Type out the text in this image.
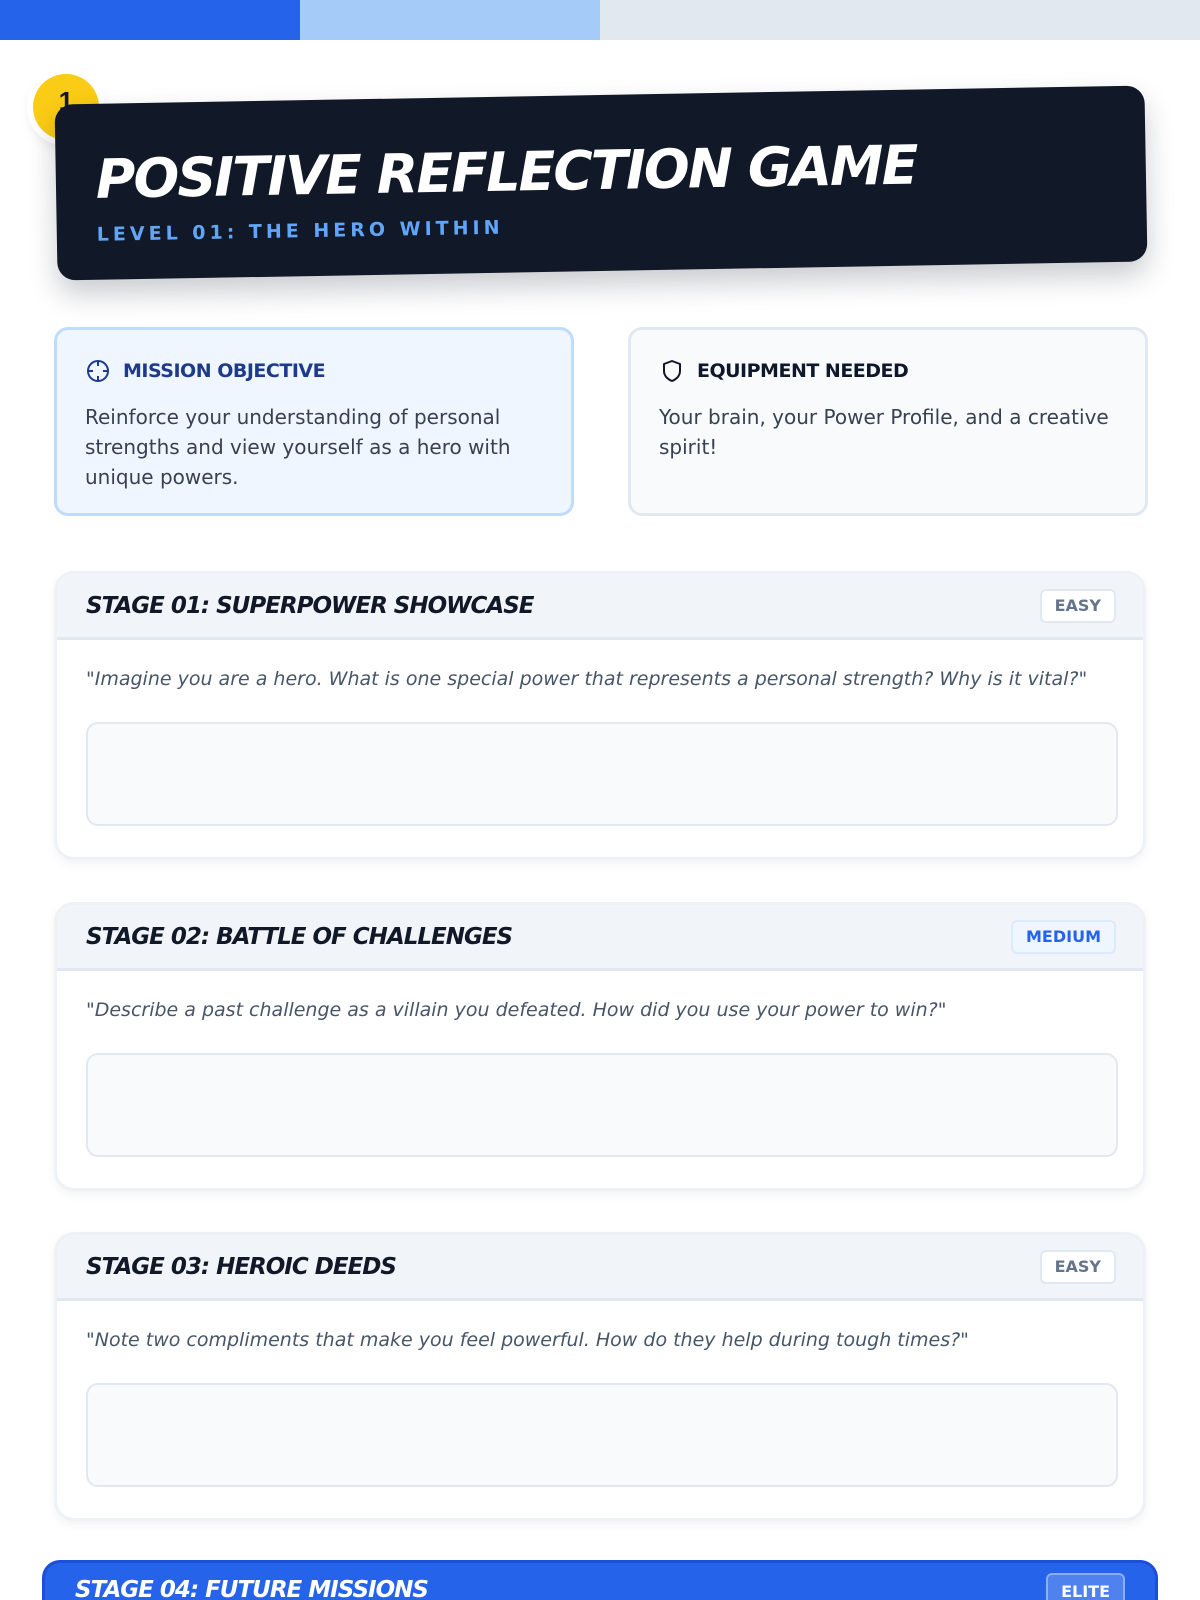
1
POSITIVE REFLECTION GAME
LEVEL 01: THE HERO WITHIN
MISSION OBJECTIVE
Reinforce your understanding of personal strengths and view yourself as a hero with unique powers.
EQUIPMENT NEEDED
Your brain, your Power Profile, and a creative spirit!
STAGE 01: SUPERPOWER SHOWCASE	EASY
"Imagine you are a hero. What is one special power that represents a personal strength? Why is it vital?"
STAGE 02: BATTLE OF CHALLENGES	MEDIUM
"Describe a past challenge as a villain you defeated. How did you use your power to win?"
STAGE 03: HEROIC DEEDS	EASY
"Note two compliments that make you feel powerful. How do they help during tough times?"
STAGE 04: FUTURE MISSIONS	ELITE
